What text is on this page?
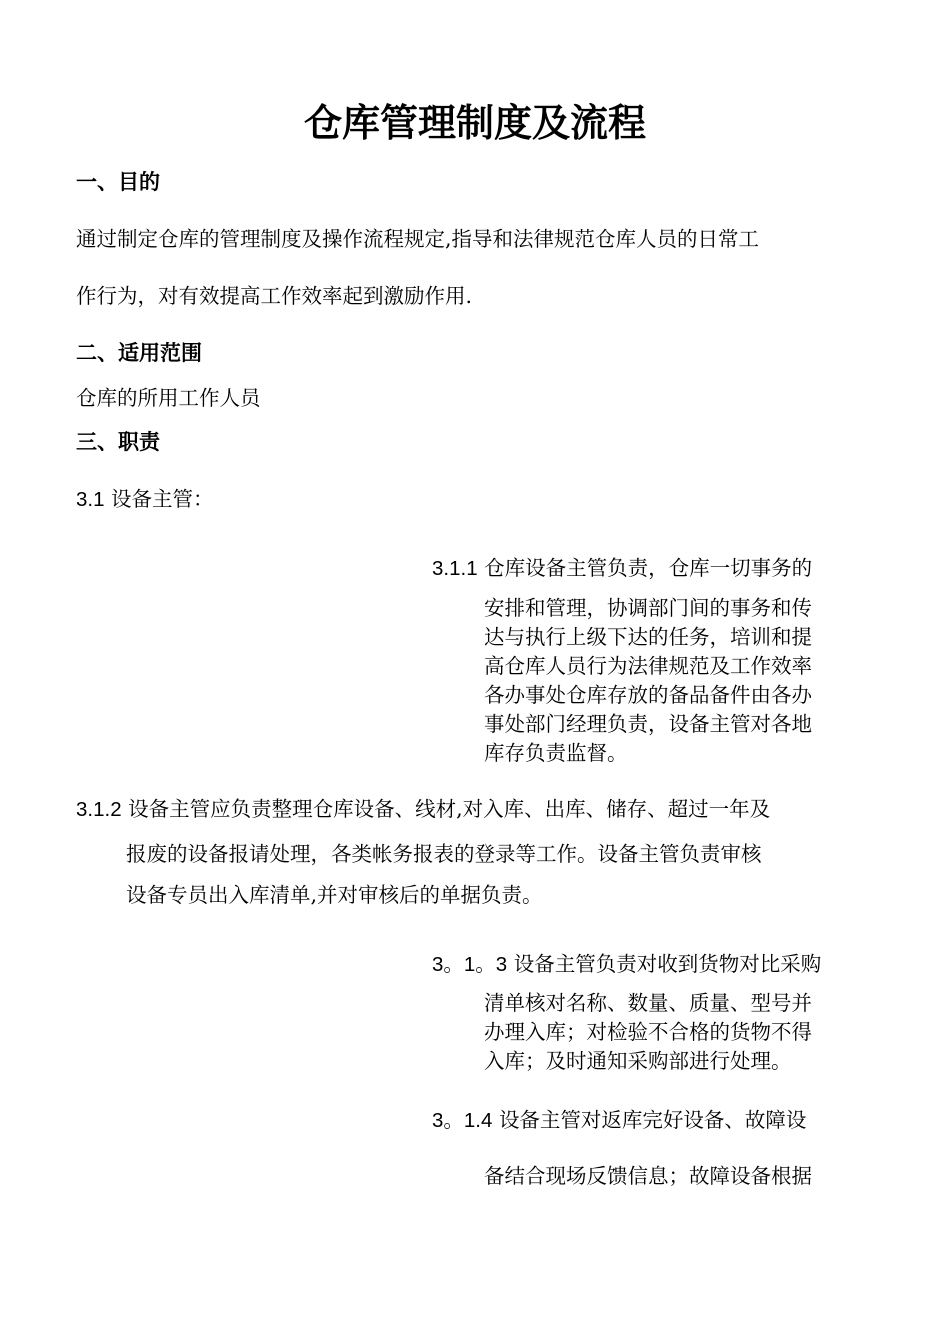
仓库管理制度及流程
一、目的
通过制定仓库的管理制度及操作流程规定,指导和法律规范仓库人员的日常工
作行为，对有效提高工作效率起到激励作用.
二、适用范围
仓库的所用工作人员
三、职责
3.1 设备主管：
3.1.1 仓库设备主管负责，仓库一切事务的
安排和管理，协调部门间的事务和传
达与执行上级下达的任务，培训和提
高仓库人员行为法律规范及工作效率
各办事处仓库存放的备品备件由各办
事处部门经理负责，设备主管对各地
库存负责监督。
3.1.2 设备主管应负责整理仓库设备、线材,对入库、出库、储存、超过一年及
报废的设备报请处理，各类帐务报表的登录等工作。设备主管负责审核
设备专员出入库清单,并对审核后的单据负责。
3。1。3 设备主管负责对收到货物对比采购
清单核对名称、数量、质量、型号并
办理入库；对检验不合格的货物不得
入库；及时通知采购部进行处理。
3。1.4 设备主管对返库完好设备、故障设
备结合现场反馈信息；故障设备根据
